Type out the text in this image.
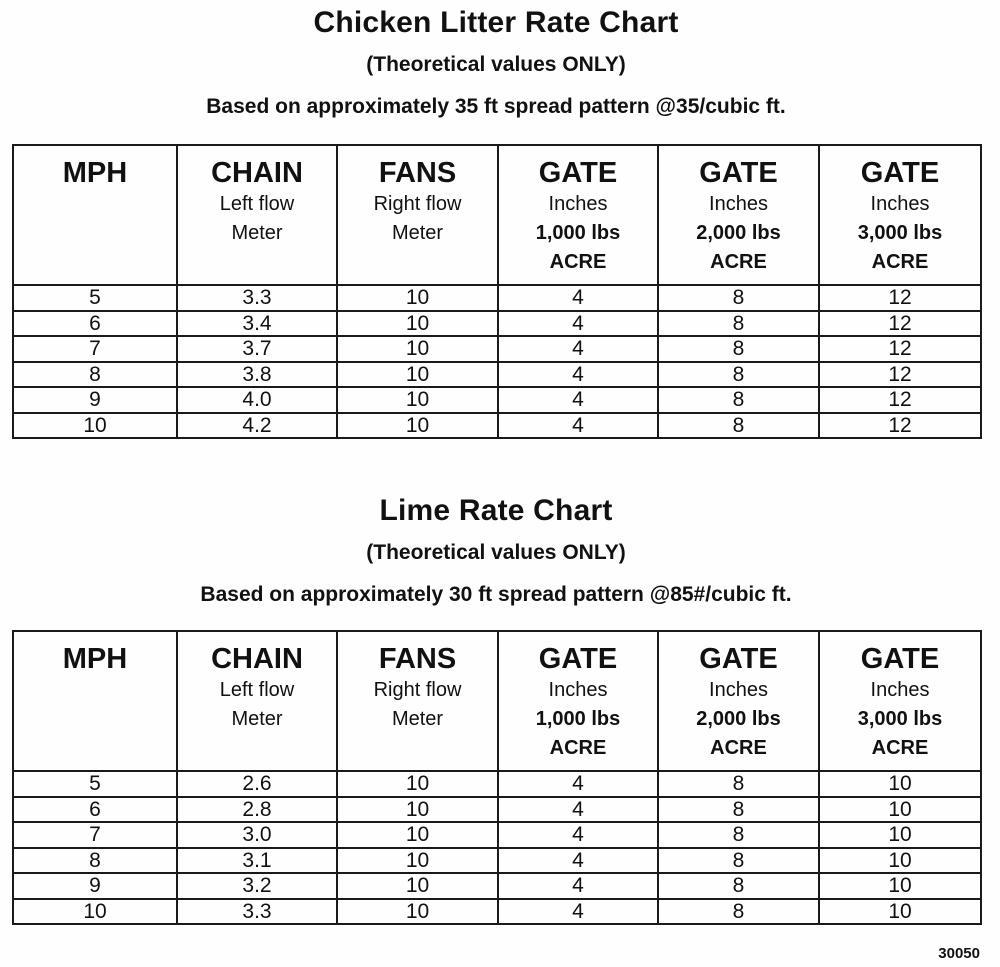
Chicken Litter Rate Chart
(Theoretical values ONLY)
Based on approximately 35 ft spread pattern @35/cubic ft.
MPH	CHAIN
Left flow
Meter	FANS
Right flow
Meter	GATE
Inches
1,000 lbs
ACRE	GATE
Inches
2,000 lbs
ACRE	GATE
Inches
3,000 lbs
ACRE

5	3.3	10	4	8	12
6	3.4	10	4	8	12
7	3.7	10	4	8	12
8	3.8	10	4	8	12
9	4.0	10	4	8	12
10	4.2	10	4	8	12
Lime Rate Chart
(Theoretical values ONLY)
Based on approximately 30 ft spread pattern @85#/cubic ft.
MPH	CHAIN
Left flow
Meter	FANS
Right flow
Meter	GATE
Inches
1,000 lbs
ACRE	GATE
Inches
2,000 lbs
ACRE	GATE
Inches
3,000 lbs
ACRE

5	2.6	10	4	8	10
6	2.8	10	4	8	10
7	3.0	10	4	8	10
8	3.1	10	4	8	10
9	3.2	10	4	8	10
10	3.3	10	4	8	10
30050
